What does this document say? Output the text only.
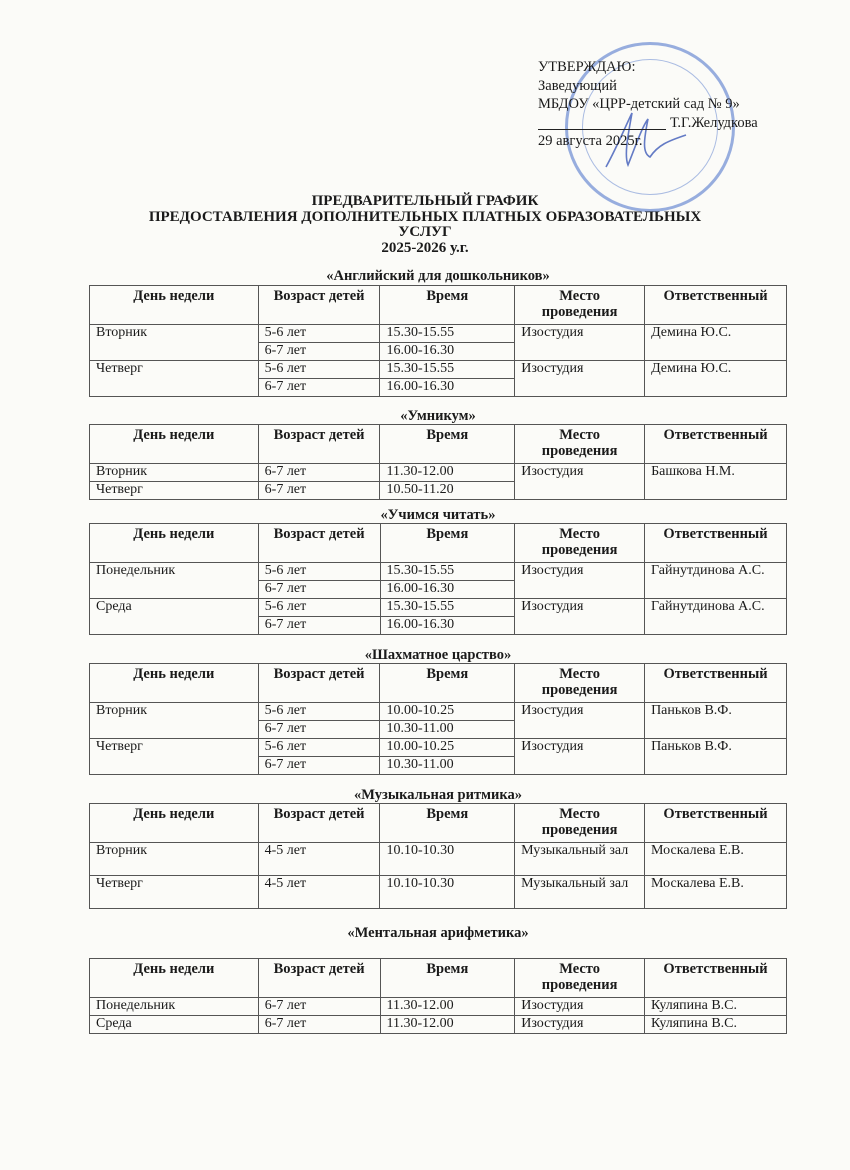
УТВЕРЖДАЮ:
Заведующий
МБДОУ «ЦРР-детский сад № 9»
Т.Г.Желудкова
29 августа 2025г.
ПРЕДВАРИТЕЛЬНЫЙ ГРАФИК
ПРЕДОСТАВЛЕНИЯ ДОПОЛНИТЕЛЬНЫХ ПЛАТНЫХ ОБРАЗОВАТЕЛЬНЫХ
УСЛУГ
2025-2026 у.г.
«Английский для дошкольников»
День недели	Возраст детей	Время	Место проведения	Ответственный
Вторник	5-6 лет	15.30-15.55	Изостудия	Демина Ю.С.
	6-7 лет	16.00-16.30		
Четверг	5-6 лет	15.30-15.55	Изостудия	Демина Ю.С.
	6-7 лет	16.00-16.30		
«Умникум»
День недели	Возраст детей	Время	Место проведения	Ответственный
Вторник	6-7 лет	11.30-12.00	Изостудия	Башкова Н.М.
Четверг	6-7 лет	10.50-11.20		
«Учимся читать»
День недели	Возраст детей	Время	Место проведения	Ответственный
Понедельник	5-6 лет	15.30-15.55	Изостудия	Гайнутдинова А.С.
	6-7 лет	16.00-16.30		
Среда	5-6 лет	15.30-15.55	Изостудия	Гайнутдинова А.С.
	6-7 лет	16.00-16.30		
«Шахматное царство»
День недели	Возраст детей	Время	Место проведения	Ответственный
Вторник	5-6 лет	10.00-10.25	Изостудия	Паньков В.Ф.
	6-7 лет	10.30-11.00		
Четверг	5-6 лет	10.00-10.25	Изостудия	Паньков В.Ф.
	6-7 лет	10.30-11.00		
«Музыкальная ритмика»
День недели	Возраст детей	Время	Место проведения	Ответственный
Вторник	4-5 лет	10.10-10.30	Музыкальный зал	Москалева Е.В.
Четверг	4-5 лет	10.10-10.30	Музыкальный зал	Москалева Е.В.
«Ментальная арифметика»
День недели	Возраст детей	Время	Место проведения	Ответственный
Понедельник	6-7 лет	11.30-12.00	Изостудия	Куляпина В.С.
Среда	6-7 лет	11.30-12.00	Изостудия	Куляпина В.С.
